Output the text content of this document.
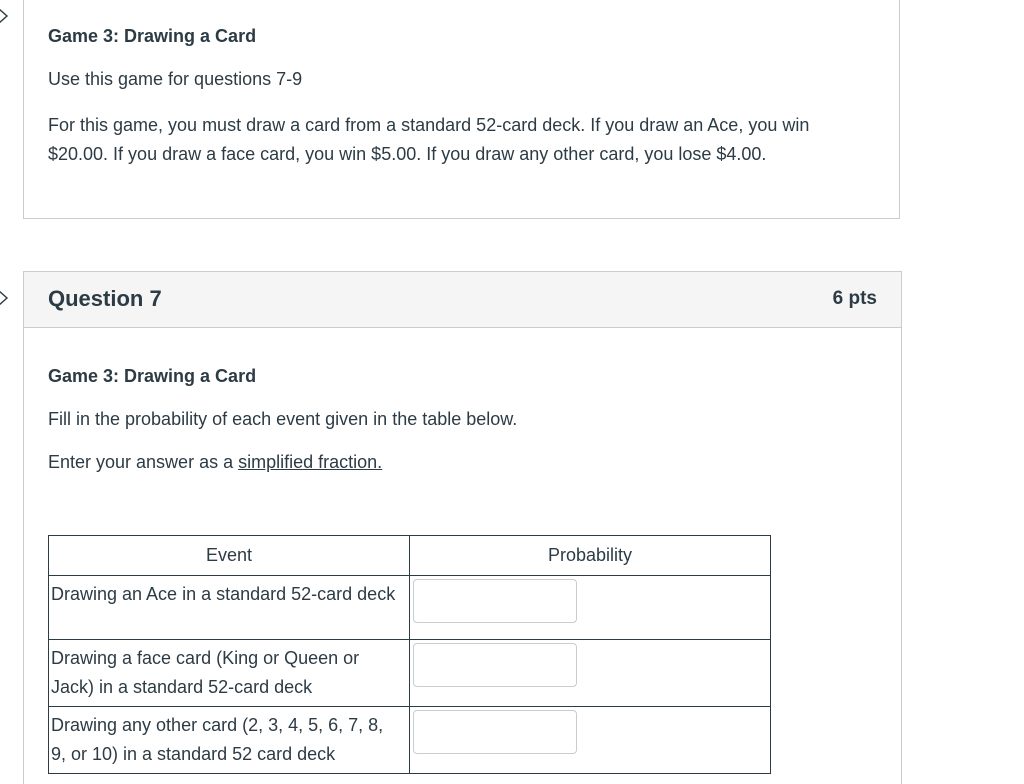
Game 3: Drawing a Card
Use this game for questions 7-9
For this game, you must draw a card from a standard 52-card deck. If you draw an Ace, you win $20.00. If you draw a face card, you win $5.00. If you draw any other card, you lose $4.00.
Question 7	6 pts
Game 3: Drawing a Card
Fill in the probability of each event given in the table below.
Enter your answer as a simplified fraction.
Event	Probability
Drawing an Ace in a standard 52-card deck	

Drawing a face card (King or Queen or Jack) in a standard 52-card deck	

Drawing any other card (2, 3, 4, 5, 6, 7, 8, 9, or 10) in a standard 52 card deck	
